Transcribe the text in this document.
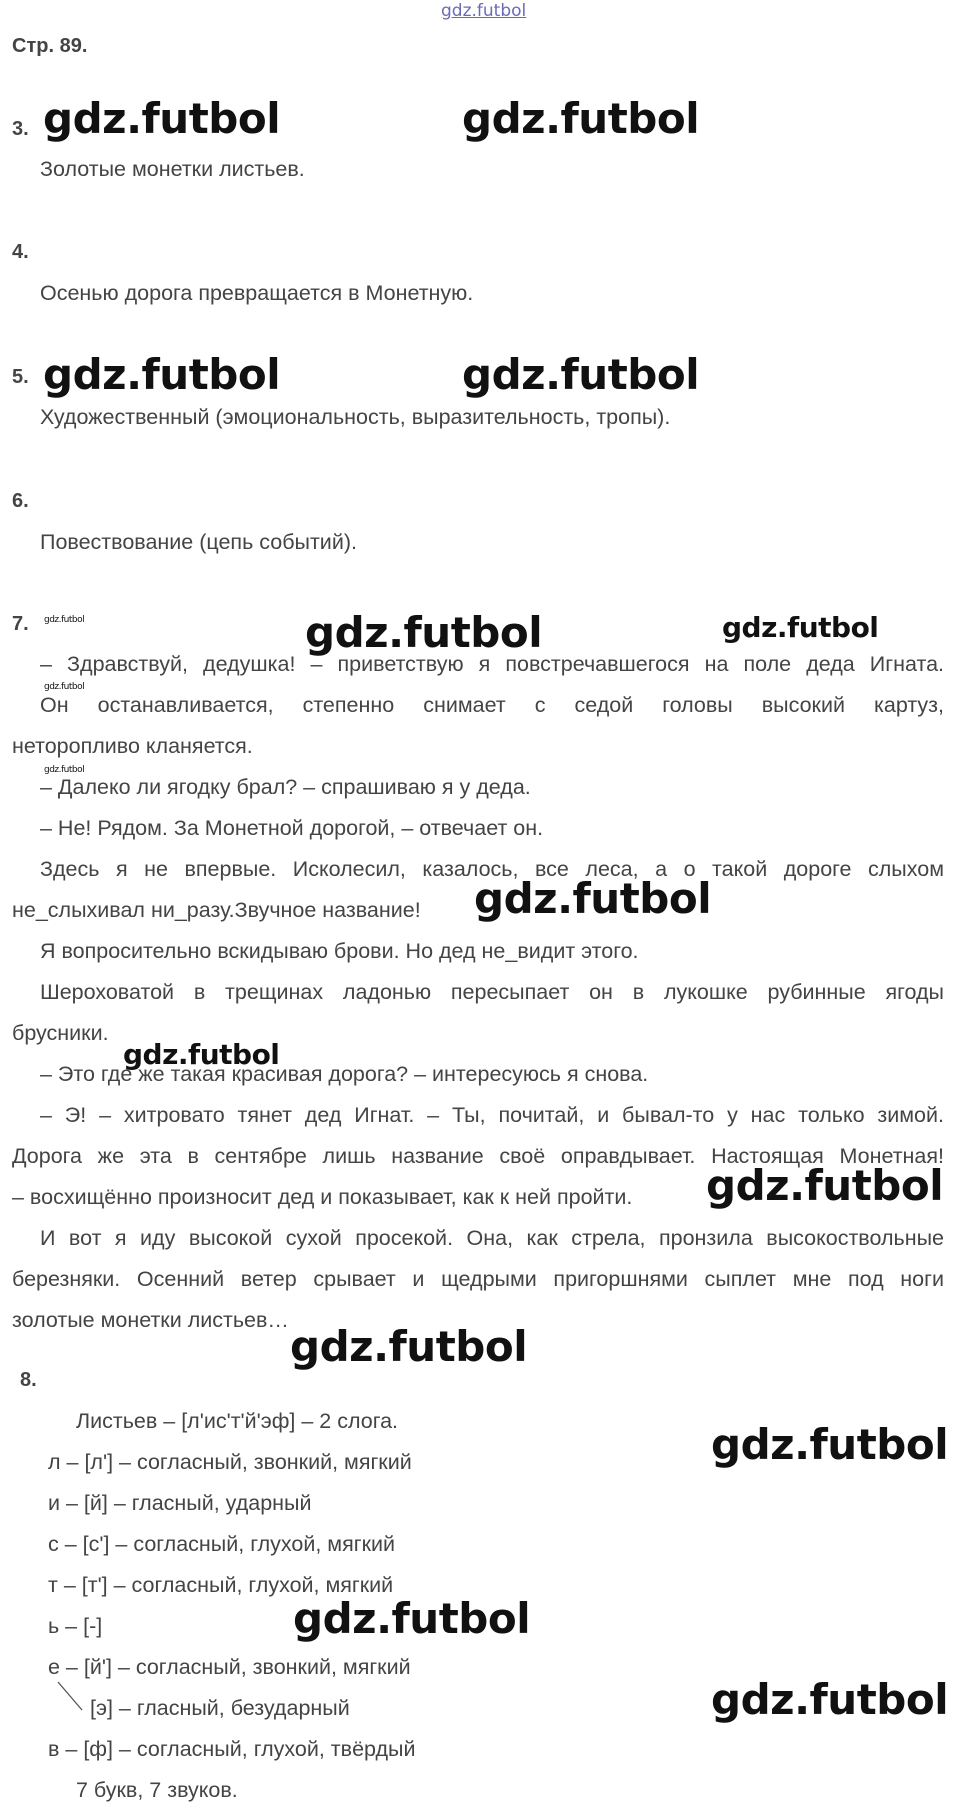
gdz.futbol
Стр. 89.
3. gdz.futbol	gdz.futbol
Золотые монетки листьев.
4.
Осенью дорога превращается в Монетную.
5. gdz.futbol	gdz.futbol
Художественный (эмоциональность, выразительность, тропы).
6.
Повествование (цепь событий).
7. gdz.futbol	gdz.futbol	gdz.futbol
– Здравствуй, дедушка! – приветствую я повстречавшегося на поле деда Игната.
gdz.futbol
Он останавливается, степенно снимает с седой головы высокий картуз,
неторопливо кланяется.
gdz.futbol
– Далеко ли ягодку брал? – спрашиваю я у деда.
– Не! Рядом. За Монетной дорогой, – отвечает он.
Здесь я не впервые. Исколесил, казалось, все леса, а о такой дороге слыхом
не_слыхивал ни_разу.Звучное название!	gdz.futbol
Я вопросительно вскидываю брови. Но дед не_видит этого.
Шероховатой в трещинах ладонью пересыпает он в лукошке рубинные ягоды
брусники.
gdz.futbol
– Это где же такая красивая дорога? – интересуюсь я снова.
– Э! – хитровато тянет дед Игнат. – Ты, почитай, и бывал-то у нас только зимой.
Дорога же эта в сентябре лишь название своё оправдывает. Настоящая Монетная!
– восхищённо произносит дед и показывает, как к ней пройти.	gdz.futbol
И вот я иду высокой сухой просекой. Она, как стрела, пронзила высокоствольные
березняки. Осенний ветер срывает и щедрыми пригоршнями сыплет мне под ноги
золотые монетки листьев…
gdz.futbol
8.
Листьев – [л'ис'т'й'эф] – 2 слога.	gdz.futbol
л – [л'] – согласный, звонкий, мягкий
и – [й] – гласный, ударный
с – [с'] – согласный, глухой, мягкий
т – [т'] – согласный, глухой, мягкий
ь – [-]	gdz.futbol
е – [й'] – согласный, звонкий, мягкий
[э] – гласный, безударный	gdz.futbol
в – [ф] – согласный, глухой, твёрдый
7 букв, 7 звуков.
